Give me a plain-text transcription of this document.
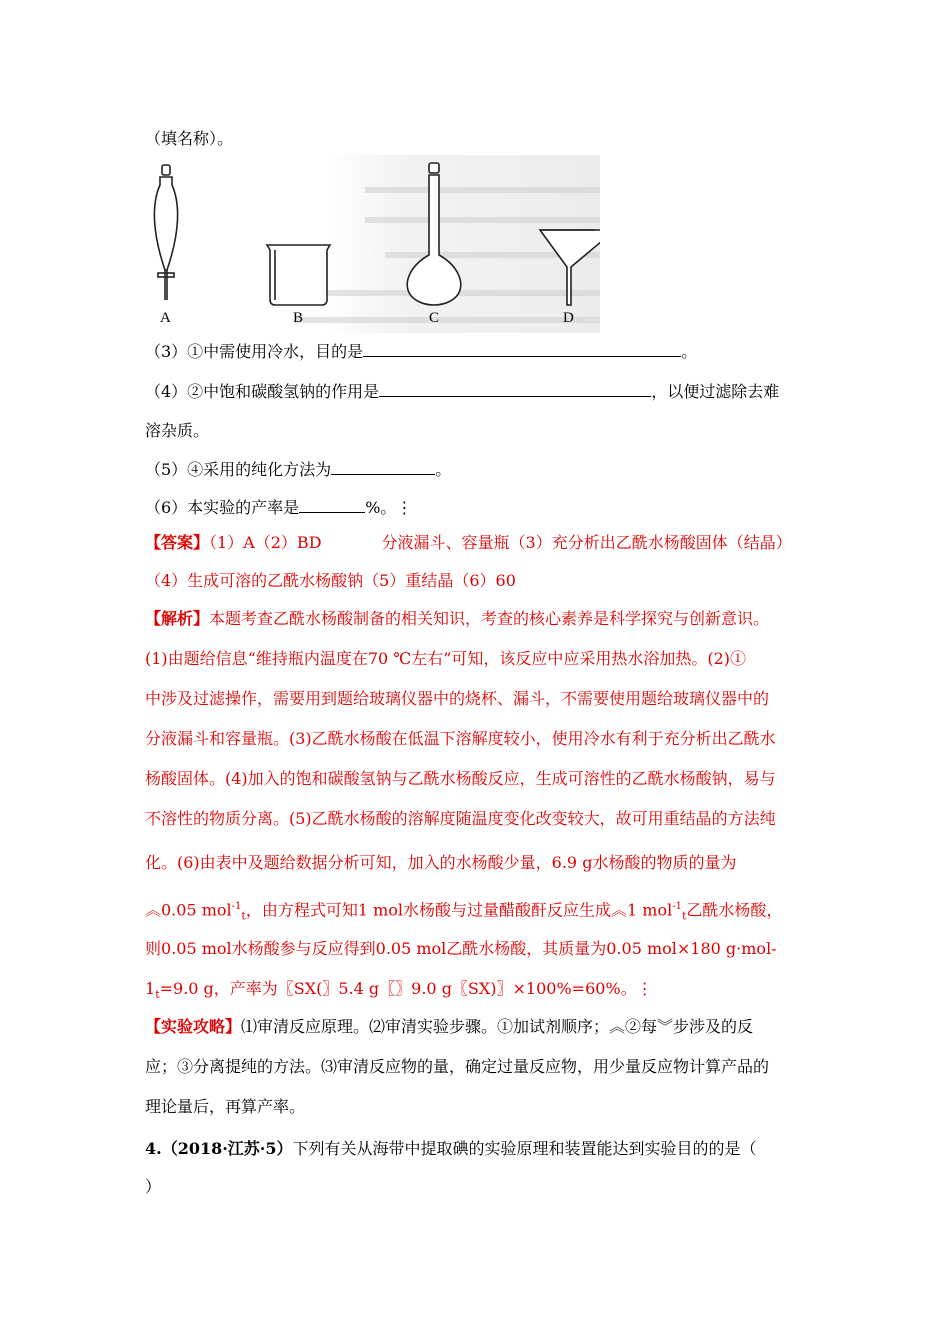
（填名称）。
A	B	C	D
（3）①中需使用冷水，目的是	。
（4）②中饱和碳酸氢钠的作用是	，以便过滤除去难
溶杂质。
（5）④采用的纯化方法为	。
（6）本实验的产率是	%。⋮
【答案】（1）A（2）BD	分液漏斗、容量瓶（3）充分析出乙酰水杨酸固体（结晶）
（4）生成可溶的乙酰水杨酸钠（5）重结晶（6）60
【解析】本题考查乙酰水杨酸制备的相关知识，考查的核心素养是科学探究与创新意识。
(1)由题给信息“维持瓶内温度在70 ℃左右”可知，该反应中应采用热水浴加热。(2)①
中涉及过滤操作，需要用到题给玻璃仪器中的烧杯、漏斗，不需要使用题给玻璃仪器中的
分液漏斗和容量瓶。(3)乙酰水杨酸在低温下溶解度较小，使用冷水有利于充分析出乙酰水
杨酸固体。(4)加入的饱和碳酸氢钠与乙酰水杨酸反应，生成可溶性的乙酰水杨酸钠，易与
不溶性的物质分离。(5)乙酰水杨酸的溶解度随温度变化改变较大，故可用重结晶的方法纯
化。(6)由表中及题给数据分析可知，加入的水杨酸少量，6.9 g水杨酸的物质的量为
︽0.05 mol$^{-1}_t$，由方程式可知1 mol水杨酸与过量醋酸酐反应生成︽1 mol$^{-1}_t$乙酰水杨酸，
则0.05 mol水杨酸参与反应得到0.05 mol乙酰水杨酸，其质量为0.05 mol×180 g·mol-
$1_t=9.0$ g，产率为〖SX(〗5.4 g〖〗9.0 g〖SX)〗×100%=60%。⋮
【实验攻略】⑴审清反应原理。⑵审清实验步骤。①加试剂顺序；︽②每︾步涉及的反
应；③分离提纯的方法。⑶审清反应物的量，确定过量反应物，用少量反应物计算产品的
理论量后，再算产率。
4.（2018·江苏·5）下列有关从海带中提取碘的实验原理和装置能达到实验目的的是（
）
